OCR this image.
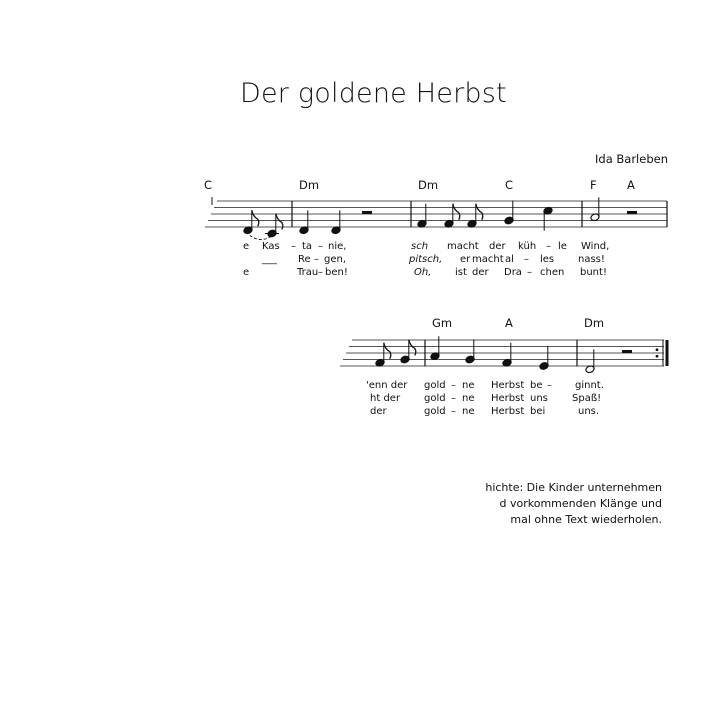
Der goldene Herbst
Ida Barleben
C	Dm	Dm	C	F	A
e Kas – ta – nie,	sch macht der küh – le Wind,
___ Re – gen,	pitsch, er macht al – les nass!
e	Trau – ben!	Oh, ist der Dra – chen bunt!
Gm	A	Dm
'enn der gold – ne Herbst be – ginnt.
ht der gold – ne Herbst uns Spaß!
der	gold – ne Herbst bei	uns.
hichte: Die Kinder unternehmen
d vorkommenden Klänge und
mal ohne Text wiederholen.
